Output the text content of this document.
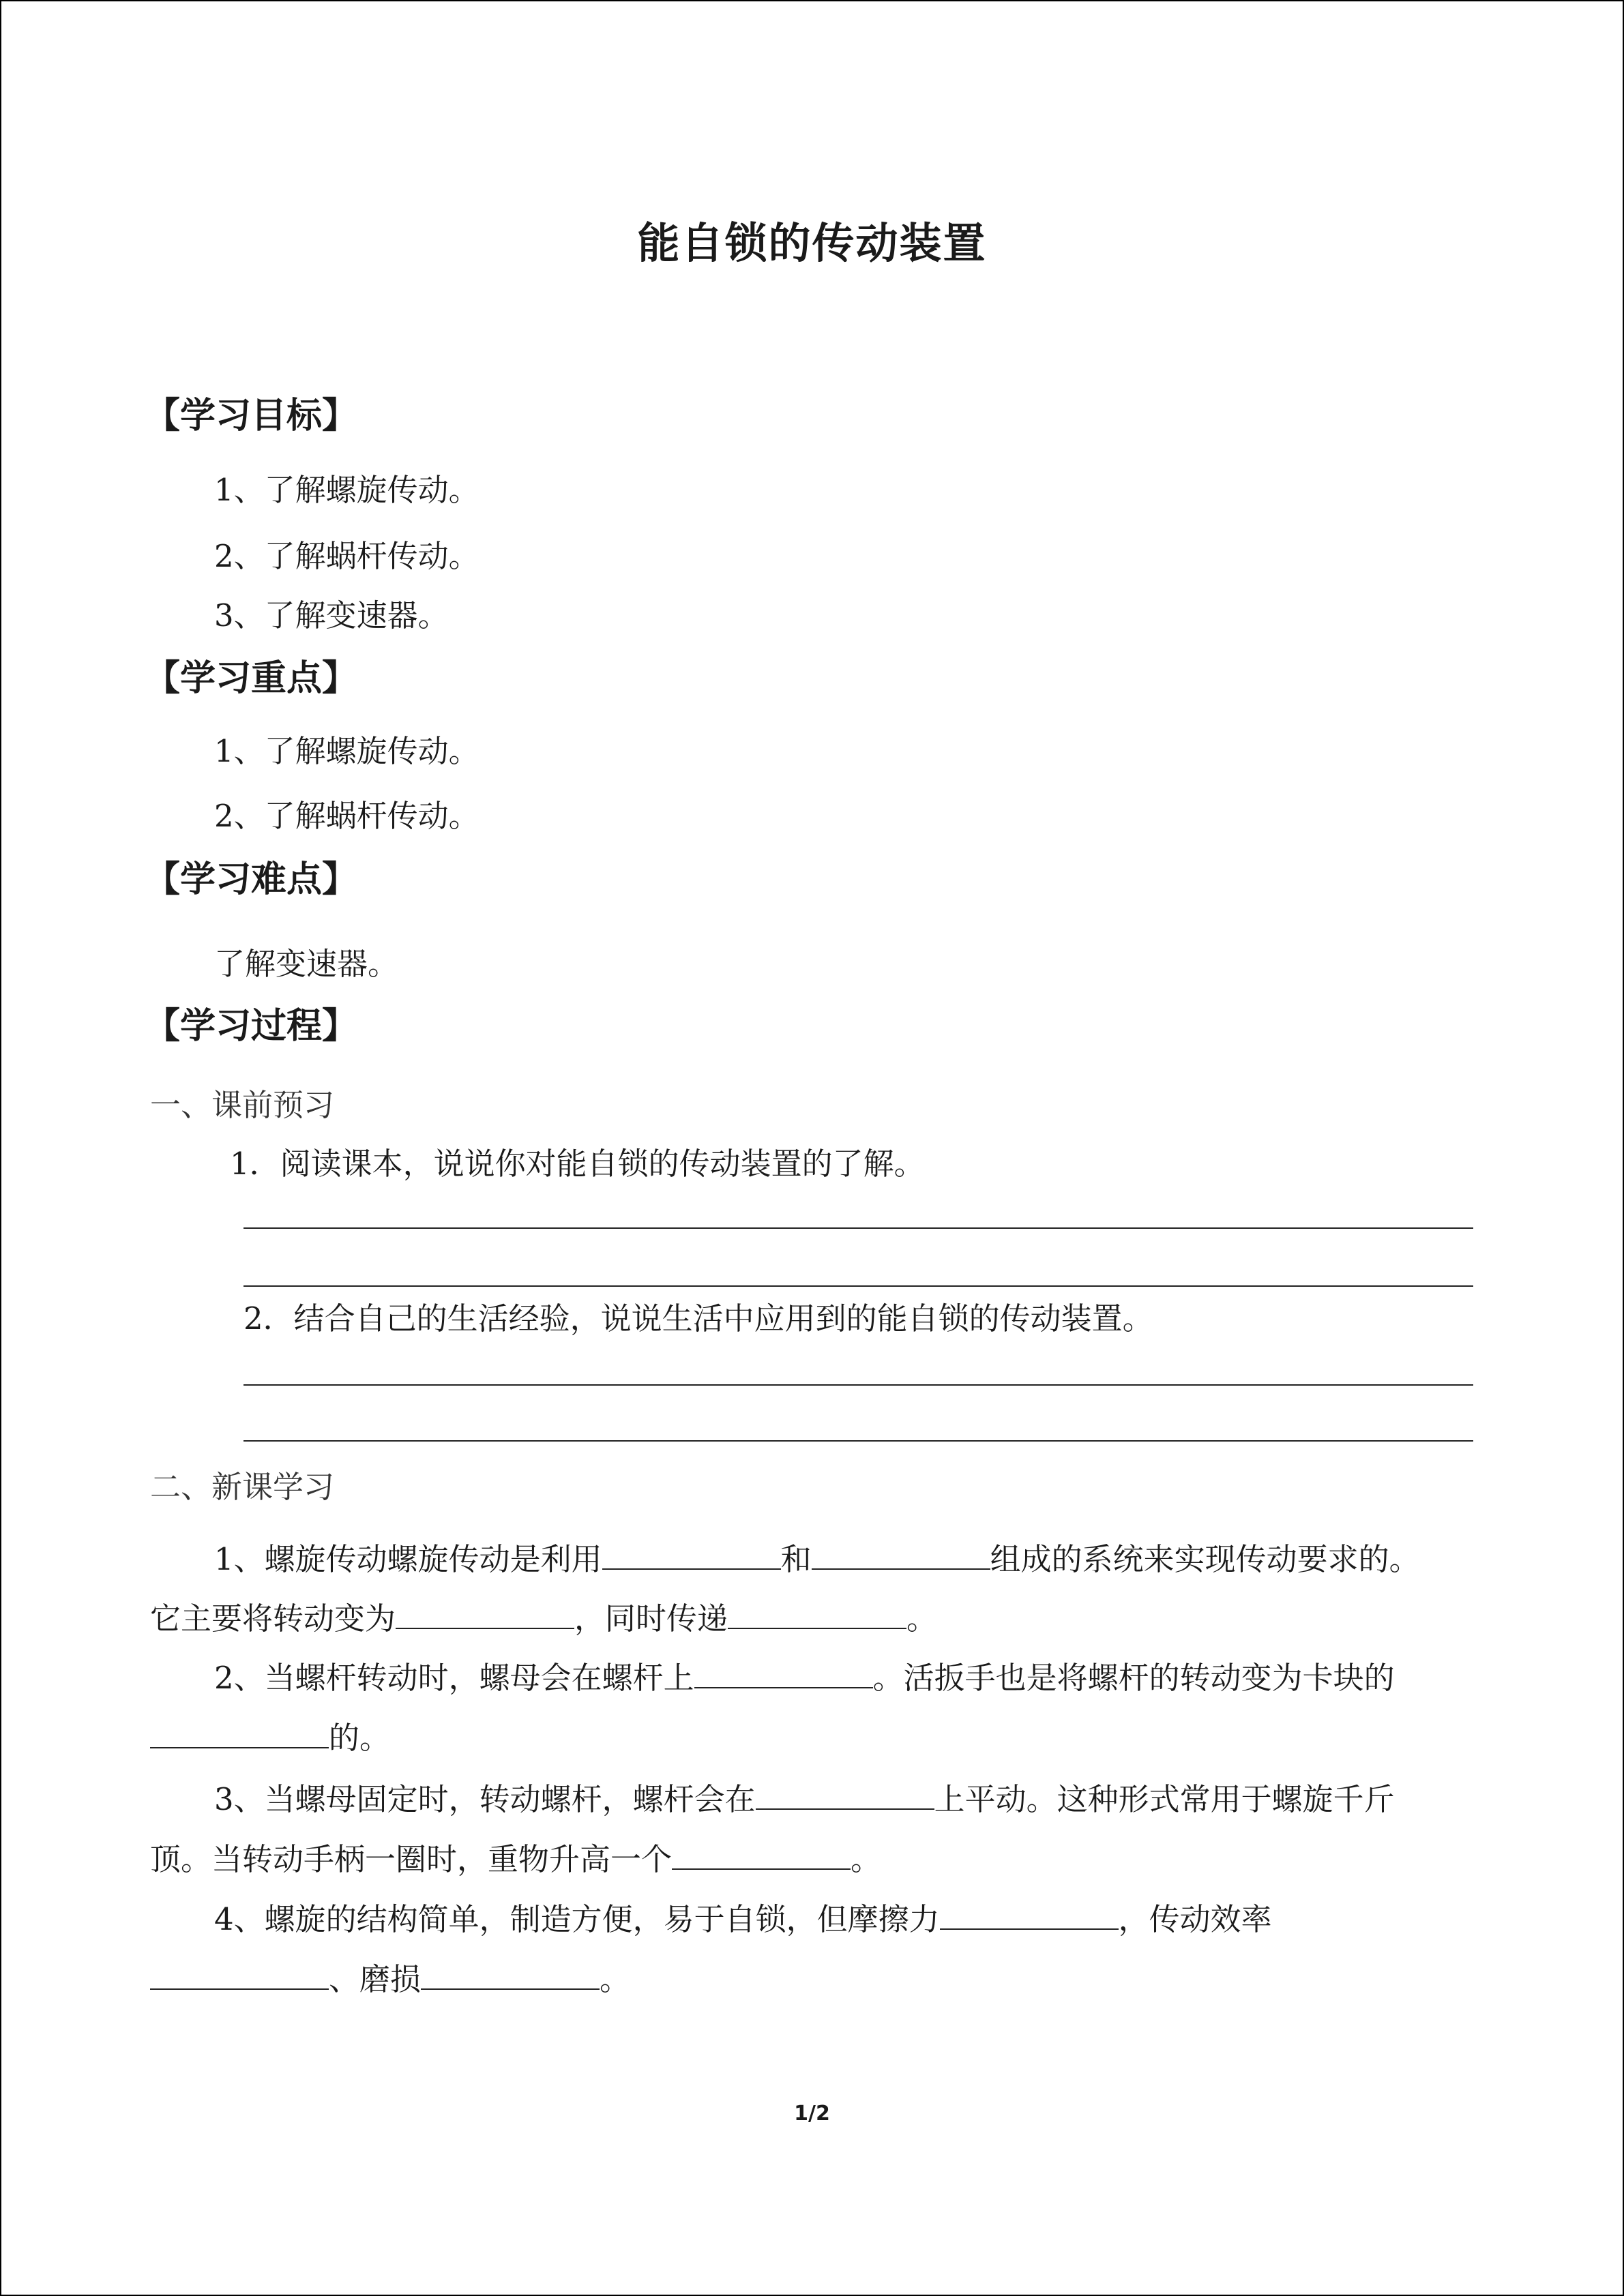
能自锁的传动装置
【学习目标】
1、了解螺旋传动。
2、了解蜗杆传动。
3、了解变速器。
【学习重点】
1、了解螺旋传动。
2、了解蜗杆传动。
【学习难点】
了解变速器。
【学习过程】
一、课前预习
1．阅读课本，说说你对能自锁的传动装置的了解。
2．结合自己的生活经验，说说生活中应用到的能自锁的传动装置。
二、新课学习
1、螺旋传动螺旋传动是利用	和	组成的系统来实现传动要求的。
它主要将转动变为	，同时传递	。
2、当螺杆转动时，螺母会在螺杆上	。活扳手也是将螺杆的转动变为卡块的
的。
3、当螺母固定时，转动螺杆，螺杆会在	上平动。这种形式常用于螺旋千斤
顶。当转动手柄一圈时，重物升高一个	。
4、螺旋的结构简单，制造方便，易于自锁，但摩擦力	，传动效率
、磨损	。
1/2
